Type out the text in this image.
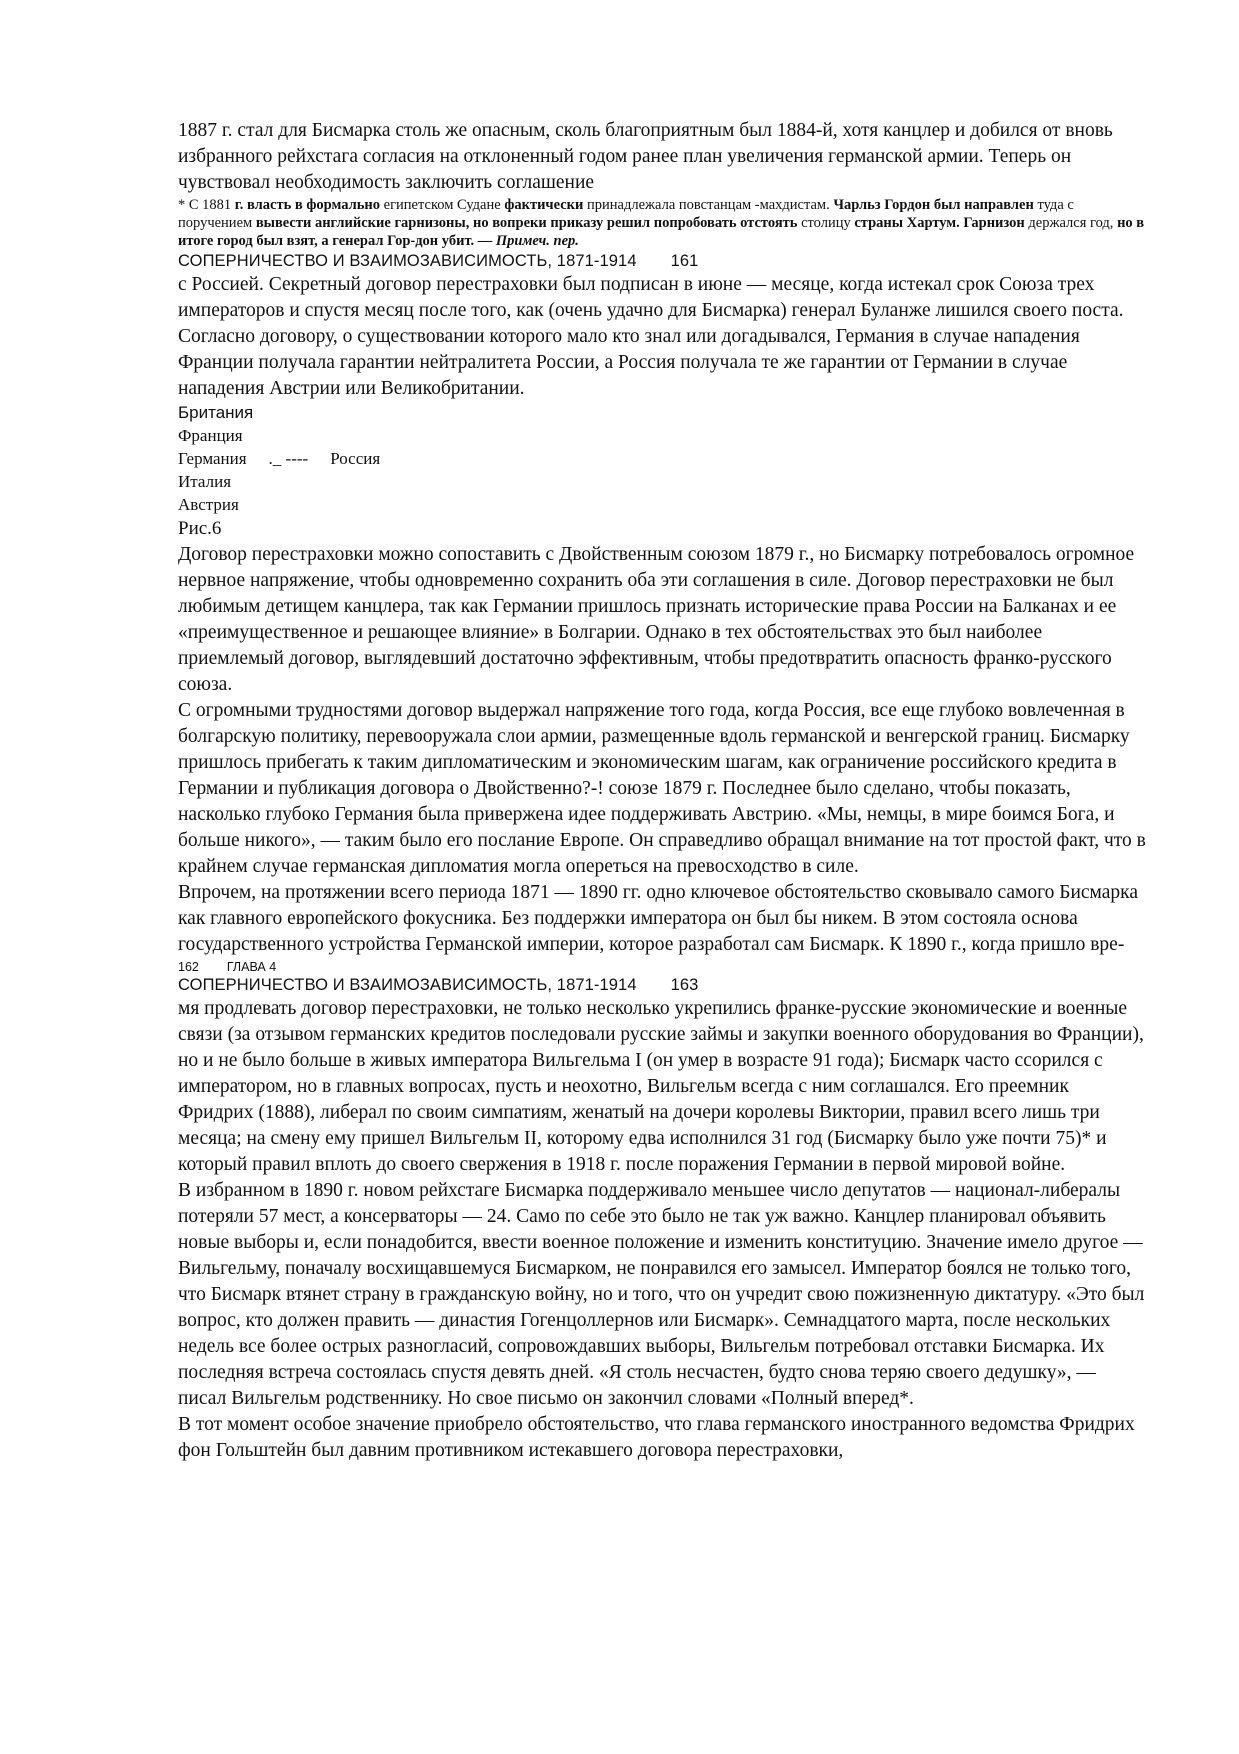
1887 г. стал для Бисмарка столь же опасным, сколь благоприятным был 1884-й, хотя канцлер и добился от вновь избранного рейхстага согласия на отклоненный годом ранее план увеличения германской армии. Теперь он чувствовал необходимость заключить соглашение

* С 1881 г. власть в формально египетском Судане фактически принадлежала повстанцам -махдистам. Чарльз Гордон был направлен туда с поручением вывести английские гарнизоны, но вопреки приказу решил попробовать отстоять столицу страны Хартум. Гарнизон держался год, но в итоге город был взят, а генерал Гор-дон убит. — Примеч. пер.

СОПЕРНИЧЕСТВО И ВЗАИМОЗАВИСИМОСТЬ, 1871-1914 161

с Россией. Секретный договор перестраховки был подписан в июне — месяце, когда истекал срок Союза трех императоров и спустя месяц после того, как (очень удачно для Бисмарка) генерал Буланже лишился своего поста. Согласно договору, о существовании которого мало кто знал или догадывался, Германия в случае нападения Франции получала гарантии нейтралитета России, а Россия получала те же гарантии от Германии в случае нападения Австрии или Великобритании.

Британия

Франция

Германия ._ ---- Россия

Италия

Австрия

Рис.6

Договор перестраховки можно сопоставить с Двойственным союзом 1879 г., но Бисмарку потребовалось огромное нервное напряжение, чтобы одновременно сохранить оба эти соглашения в силе. Договор перестраховки не был любимым детищем канцлера, так как Германии пришлось признать исторические права России на Балканах и ее «преимущественное и решающее влияние» в Болгарии. Однако в тех обстоятельствах это был наиболее приемлемый договор, выглядевший достаточно эффективным, чтобы предотвратить опасность франко-русского союза.

С огромными трудностями договор выдержал напряжение того года, когда Россия, все еще глубоко вовлеченная в болгарскую политику, перевооружала слои армии, размещенные вдоль германской и венгерской границ. Бисмарку пришлось прибегать к таким дипломатическим и экономическим шагам, как ограничение российского кредита в Германии и публикация договора о Двойственно?-! союзе 1879 г. Последнее было сделано, чтобы показать, насколько глубоко Германия была привержена идее поддерживать Австрию. «Мы, немцы, в мире боимся Бога, и больше никого», — таким было его послание Европе. Он справедливо обращал внимание на тот простой факт, что в крайнем случае германская дипломатия могла опереться на превосходство в силе.

Впрочем, на протяжении всего периода 1871 — 1890 гг. одно ключевое обстоятельство сковывало самого Бисмарка как главного европейского фокусника. Без поддержки императора он был бы никем. В этом состояла основа государственного устройства Германской империи, которое разработал сам Бисмарк. К 1890 г., когда пришло вре-

162 ГЛАВА 4

СОПЕРНИЧЕСТВО И ВЗАИМОЗАВИСИМОСТЬ, 1871-1914 163

мя продлевать договор перестраховки, не только несколько укрепились франке-русские экономические и военные связи (за отзывом германских кредитов последовали русские займы и закупки военного оборудования во Франции), но и не было больше в живых императора Вильгельма I (он умер в возрасте 91 года); Бисмарк часто ссорился с императором, но в главных вопросах, пусть и неохотно, Вильгельм всегда с ним соглашался. Его преемник Фридрих (1888), либерал по своим симпатиям, женатый на дочери королевы Виктории, правил всего лишь три месяца; на смену ему пришел Вильгельм II, которому едва исполнился 31 год (Бисмарку было уже почти 75)* и который правил вплоть до своего свержения в 1918 г. после поражения Германии в первой мировой войне.

В избранном в 1890 г. новом рейхстаге Бисмарка поддерживало меньшее число депутатов — национал-либералы потеряли 57 мест, а консерваторы — 24. Само по себе это было не так уж важно. Канцлер планировал объявить новые выборы и, если понадобится, ввести военное положение и изменить конституцию. Значение имело другое — Вильгельму, поначалу восхищавшемуся Бисмарком, не понравился его замысел. Император боялся не только того, что Бисмарк втянет страну в гражданскую войну, но и того, что он учредит свою пожизненную диктатуру. «Это был вопрос, кто должен править — династия Гогенцоллернов или Бисмарк». Семнадцатого марта, после нескольких недель все более острых разногласий, сопровождавших выборы, Вильгельм потребовал отставки Бисмарка. Их последняя встреча состоялась спустя девять дней. «Я столь несчастен, будто снова теряю своего дедушку», — писал Вильгельм родственнику. Но свое письмо он закончил словами «Полный вперед*.

В тот момент особое значение приобрело обстоятельство, что глава германского иностранного ведомства Фридрих фон Гольштейн был давним противником истекавшего договора перестраховки,
